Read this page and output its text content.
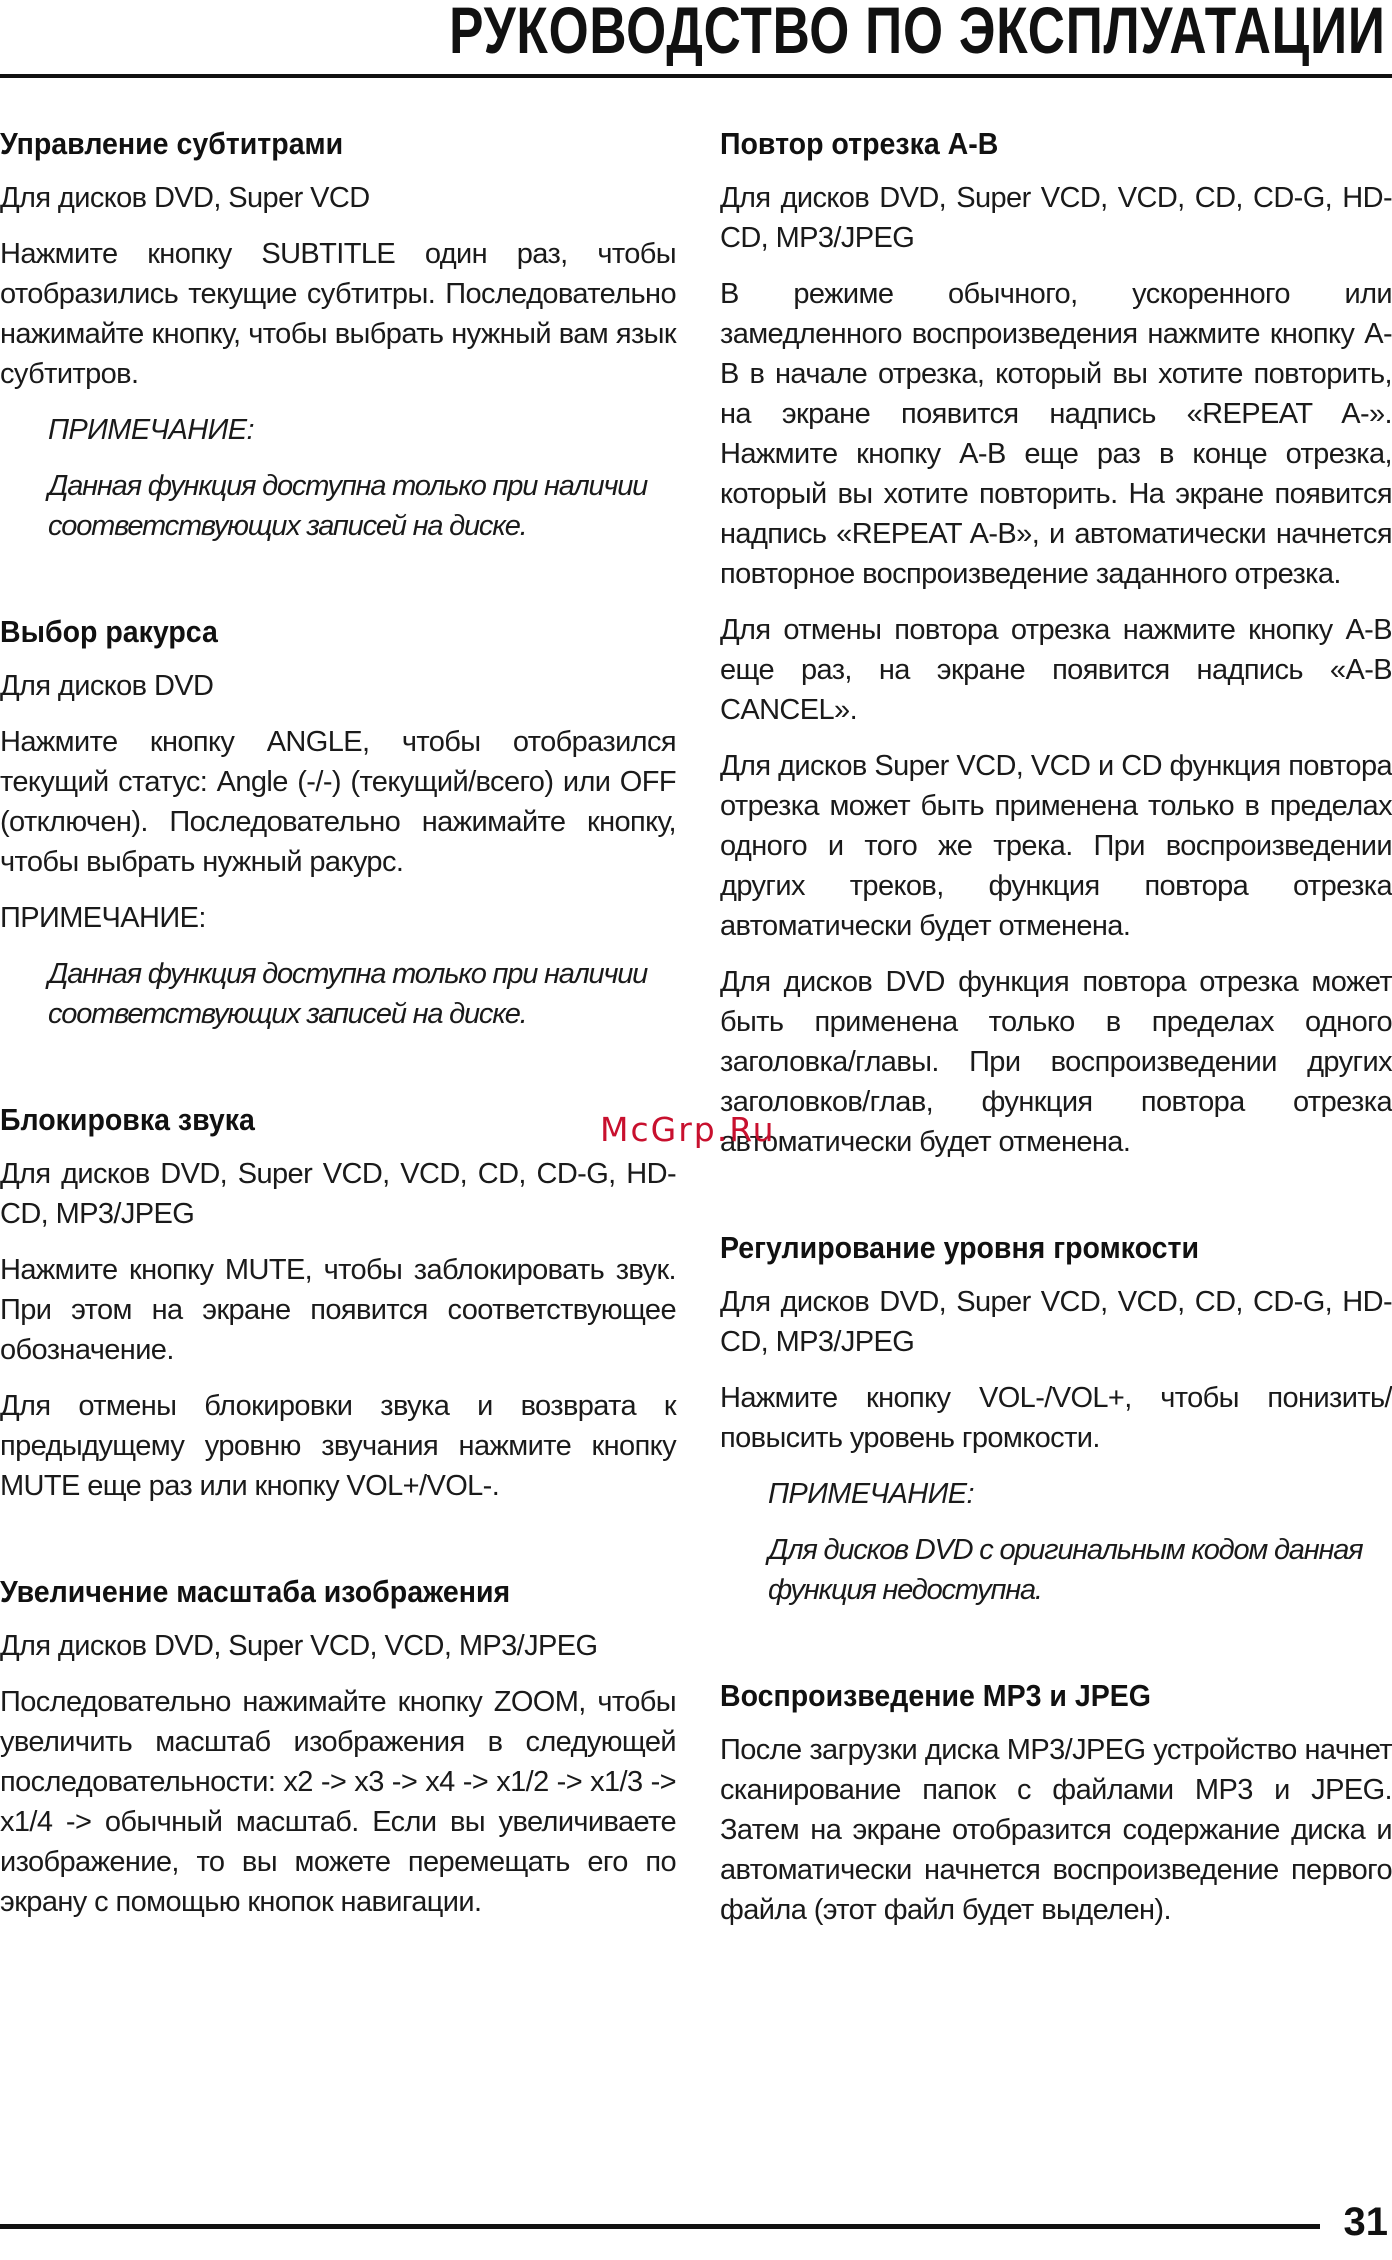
РУКОВОДСТВО ПО ЭКСПЛУАТАЦИИ
Управление субтитрами

Для дисков DVD, Super VCD

Нажмите кнопку SUBTITLE один раз, чтобы отобразились текущие субтитры. Последовательно нажимайте кнопку, чтобы выбрать нужный вам язык субтитров.

ПРИМЕЧАНИЕ:

Данная функция доступна только при наличии соответствующих записей на диске.

Выбор ракурса

Для дисков DVD

Нажмите кнопку ANGLE, чтобы отобразился текущий статус: Angle (-/-) (текущий/всего) или OFF (отключен). Последовательно нажимайте кнопку, чтобы выбрать нужный ракурс.

ПРИМЕЧАНИЕ:

Данная функция доступна только при наличии соответствующих записей на диске.

Блокировка звука

Для дисков DVD, Super VCD, VCD, CD, CD-G, HD-CD, MP3/JPEG

Нажмите кнопку MUTE, чтобы заблокировать звук. При этом на экране появится соответствующее обозначение.

Для отмены блокировки звука и возврата к предыдущему уровню звучания нажмите кнопку MUTE еще раз или кнопку VOL+/VOL-.

Увеличение масштаба изображения

Для дисков DVD, Super VCD, VCD, MP3/JPEG

Последовательно нажимайте кнопку ZOOM, чтобы увеличить масштаб изображения в следующей последовательности: x2 -> x3 -> x4 -> x1/2 -> x1/3 -> x1/4 -> обычный масштаб. Если вы увеличиваете изображение, то вы можете перемещать его по экрану с помощью кнопок навигации.

Повтор отрезка A-B

Для дисков DVD, Super VCD, VCD, CD, CD-G, HD-CD, MP3/JPEG

В режиме обычного, ускоренного или замедленного воспроизведения нажмите кнопку A-B в начале отрезка, который вы хотите повторить, на экране появится надпись «REPEAT A-». Нажмите кнопку A-B еще раз в конце отрезка, который вы хотите повторить. На экране появится надпись «REPEAT A-B», и автоматически начнется повторное воспроизведение заданного отрезка.

Для отмены повтора отрезка нажмите кнопку A-B еще раз, на экране появится надпись «A-B CANCEL».

Для дисков Super VCD, VCD и CD функция повтора отрезка может быть применена только в пределах одного и того же трека. При воспроизведении других треков, функция повтора отрезка автоматически будет отменена.

Для дисков DVD функция повтора отрезка может быть применена только в пределах одного заголовка/главы. При воспроизведении других заголовков/глав, функция повтора отрезка автоматически будет отменена.

Регулирование уровня громкости

Для дисков DVD, Super VCD, VCD, CD, CD-G, HD-CD, MP3/JPEG

Нажмите кнопку VOL-/VOL+, чтобы понизить/повысить уровень громкости.

ПРИМЕЧАНИЕ:

Для дисков DVD с оригинальным кодом данная функция недоступна.

Воспроизведение MP3 и JPEG

После загрузки диска MP3/JPEG устройство начнет сканирование папок с файлами MP3 и JPEG. Затем на экране отобразится содержание диска и автоматически начнется воспроизведение первого файла (этот файл будет выделен).

McGrp.Ru
31
